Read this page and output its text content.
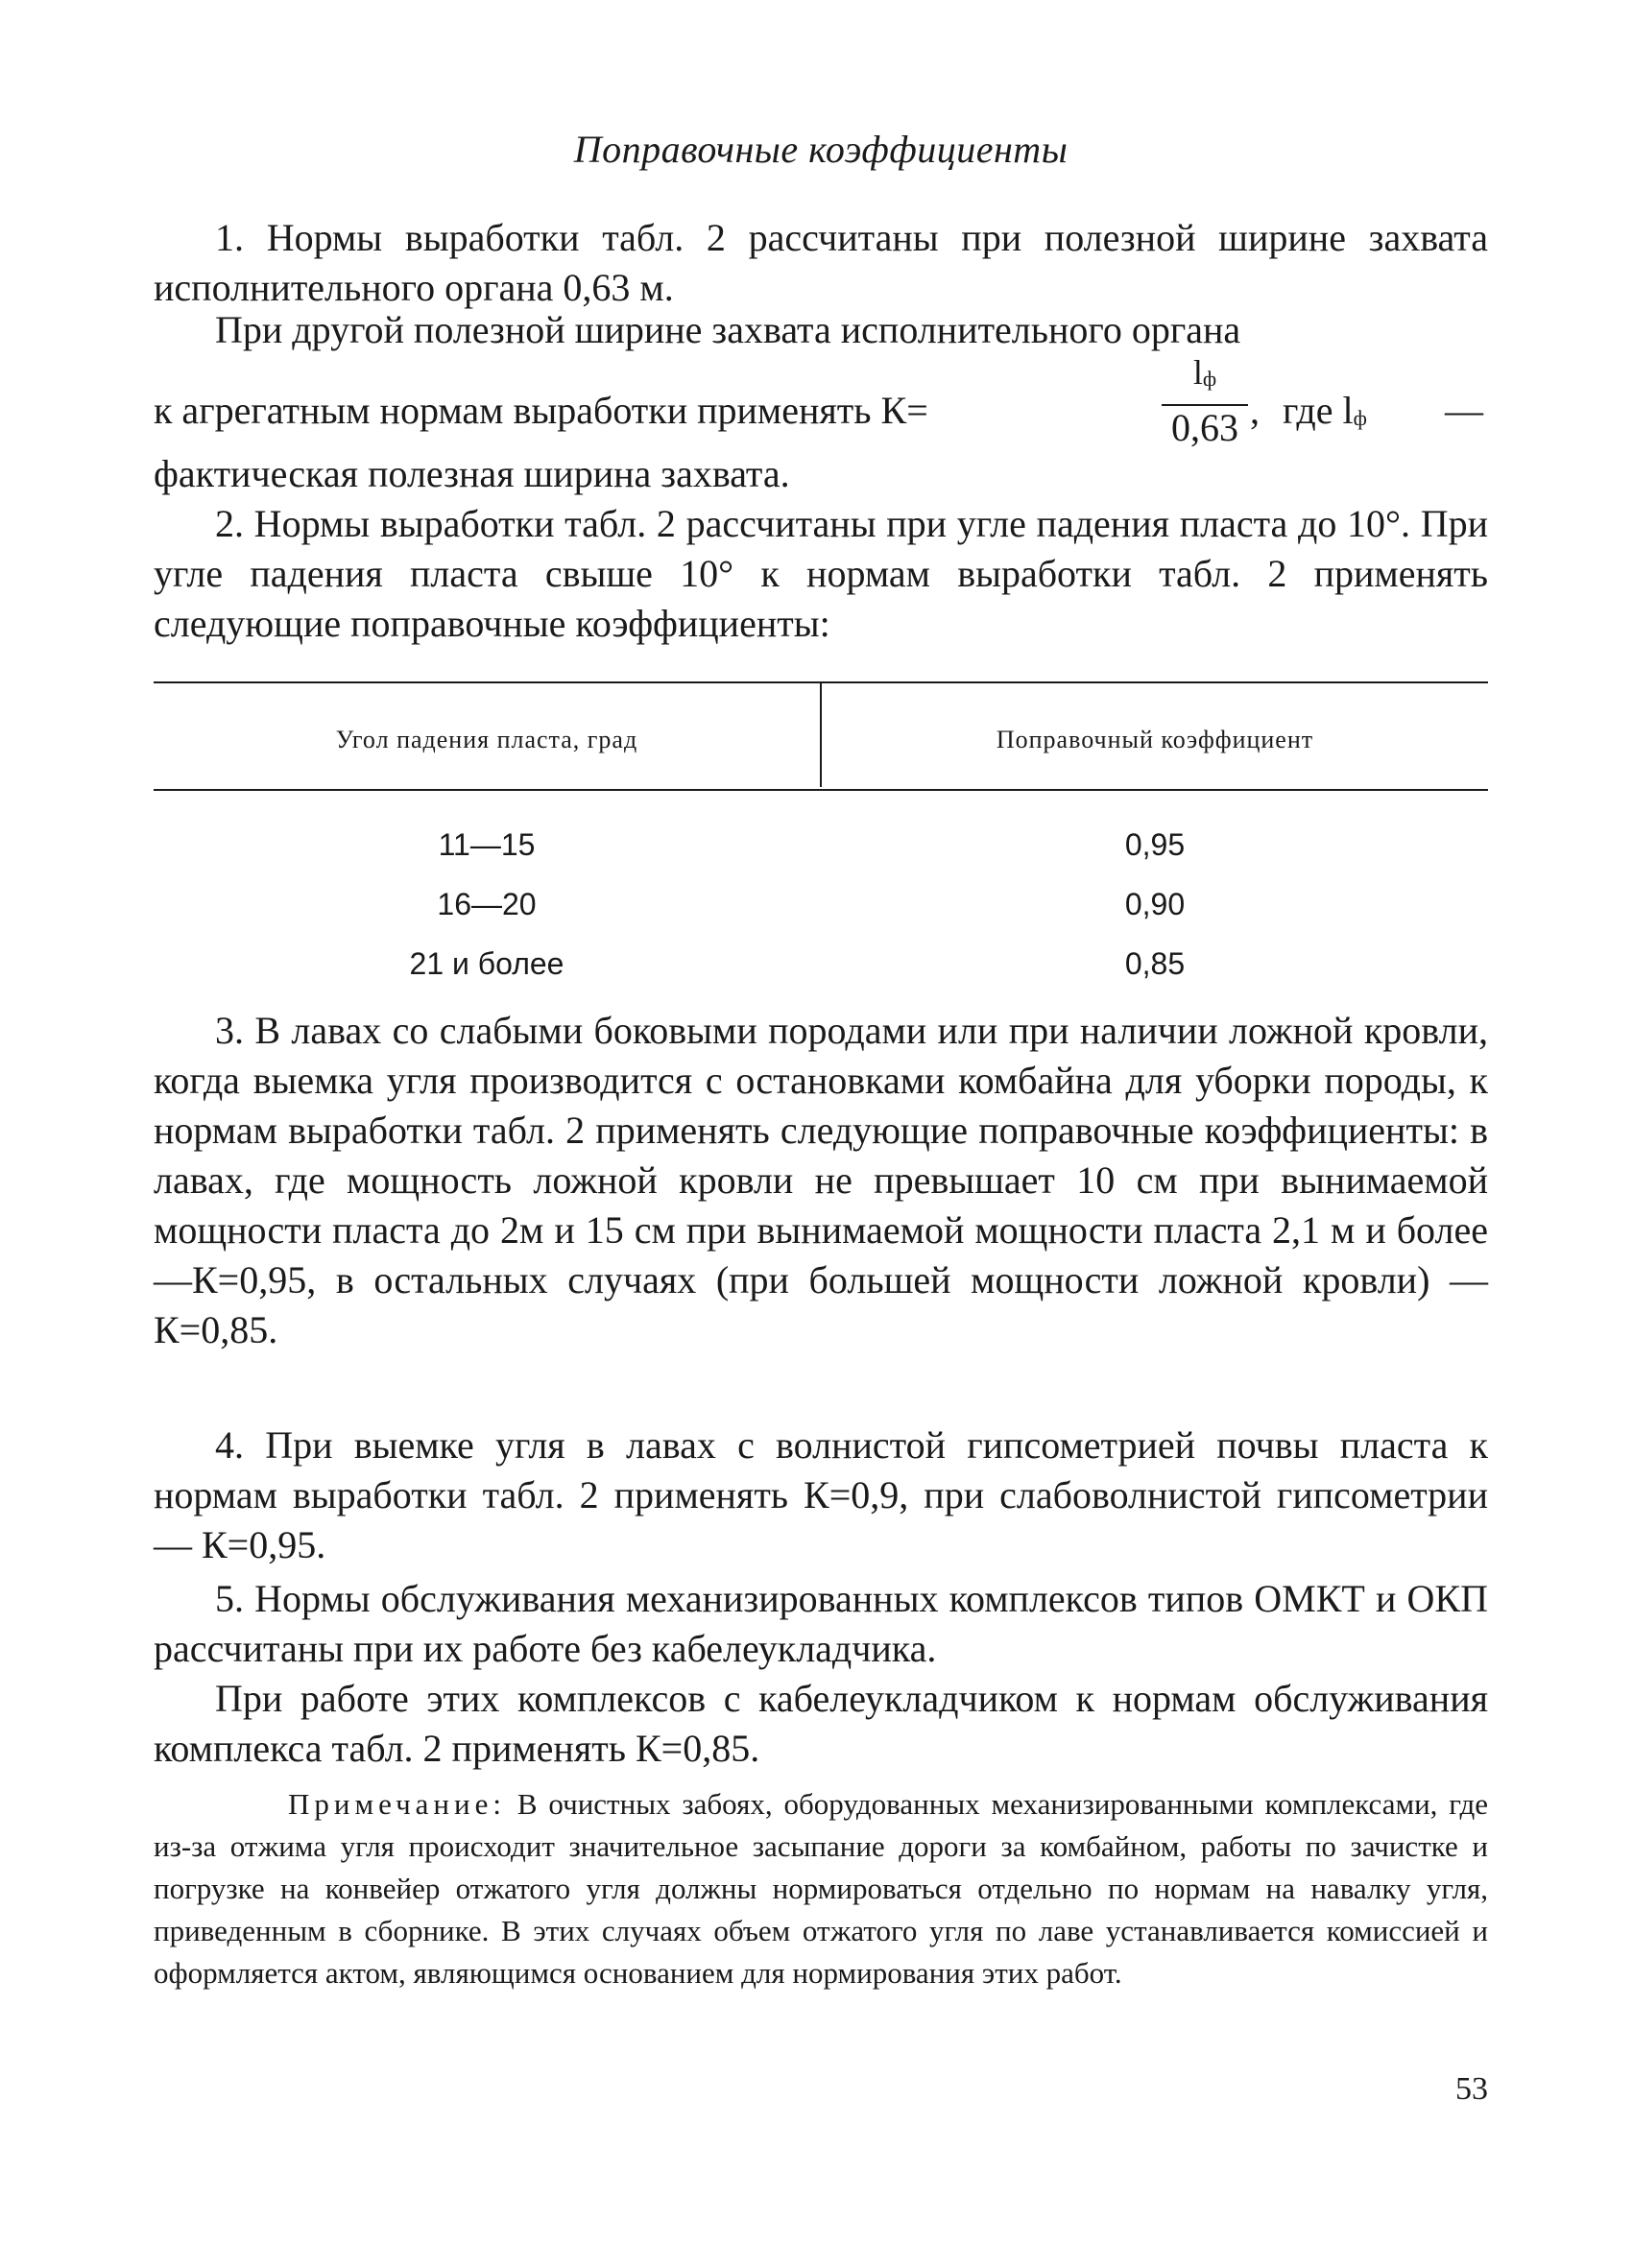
Поправочные коэффициенты

1. Нормы выработки табл. 2 рассчитаны при полезной ширине захвата исполнительного органа 0,63 м.

При другой полезной ширине захвата исполнительного органа

к агрегатным нормам выработки применять К=
lф
0,63 , где lф —

фактическая полезная ширина захвата.

2. Нормы выработки табл. 2 рассчитаны при угле падения пласта до 10°. При угле падения пласта свыше 10° к нормам выработки табл. 2 применять следующие поправочные коэффициенты:

Угол падения пласта, град	Поправочный коэффициент
11—15	0,95
16—20	0,90
21 и более	0,85

3. В лавах со слабыми боковыми породами или при наличии ложной кровли, когда выемка угля производится с остановками комбайна для уборки породы, к нормам выработки табл. 2 применять следующие поправочные коэффициенты: в лавах, где мощность ложной кровли не превышает 10 см при вынимаемой мощности пласта до 2м и 15 см при вынимаемой мощности пласта 2,1 м и более —К=0,95, в остальных случаях (при большей мощности ложной кровли) — К=0,85.

4. При выемке угля в лавах с волнистой гипсометрией почвы пласта к нормам выработки табл. 2 применять К=0,9, при слабоволнистой гипсометрии — К=0,95.

5. Нормы обслуживания механизированных комплексов типов ОМКТ и ОКП рассчитаны при их работе без кабелеукладчика.

При работе этих комплексов с кабелеукладчиком к нормам обслуживания комплекса табл. 2 применять К=0,85.

Примечание: В очистных забоях, оборудованных механизированными комплексами, где из-за отжима угля происходит значительное засыпание дороги за комбайном, работы по зачистке и погрузке на конвейер отжатого угля должны нормироваться отдельно по нормам на навалку угля, приведенным в сборнике. В этих случаях объем отжатого угля по лаве устанавливается комиссией и оформляется актом, являющимся основанием для нормирования этих работ.
53
